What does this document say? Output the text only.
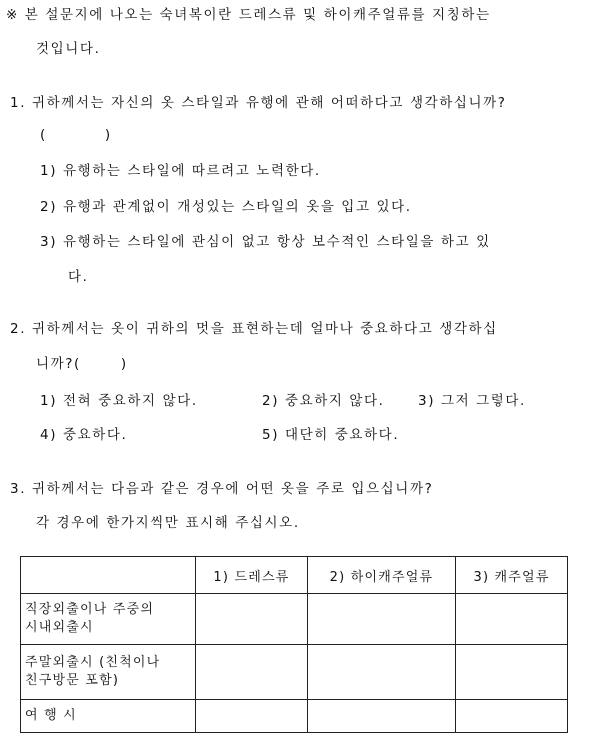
※ 본 설문지에 나오는 숙녀복이란 드레스류 및 하이캐주얼류를 지칭하는
것입니다.
1. 귀하께서는 자신의 옷 스타일과 유행에 관해 어떠하다고 생각하십니까?
(	)
1) 유행하는 스타일에 따르려고 노력한다.
2) 유행과 관계없이 개성있는 스타일의 옷을 입고 있다.
3) 유행하는 스타일에 관심이 없고 항상 보수적인 스타일을 하고 있
다.
2. 귀하께서는 옷이 귀하의 멋을 표현하는데 얼마나 중요하다고 생각하십
니까?(	)
1) 전혀 중요하지 않다.	2) 중요하지 않다. 3) 그저 그렇다.
4) 중요하다.	5) 대단히 중요하다.
3. 귀하께서는 다음과 같은 경우에 어떤 옷을 주로 입으십니까?
각 경우에 한가지씩만 표시해 주십시오.
	1) 드레스류	2) 하이캐주얼류	3) 캐주얼류

직장외출이나 주중의
시내외출시			

주말외출시 (친척이나
친구방문 포함)			

여 행 시			
